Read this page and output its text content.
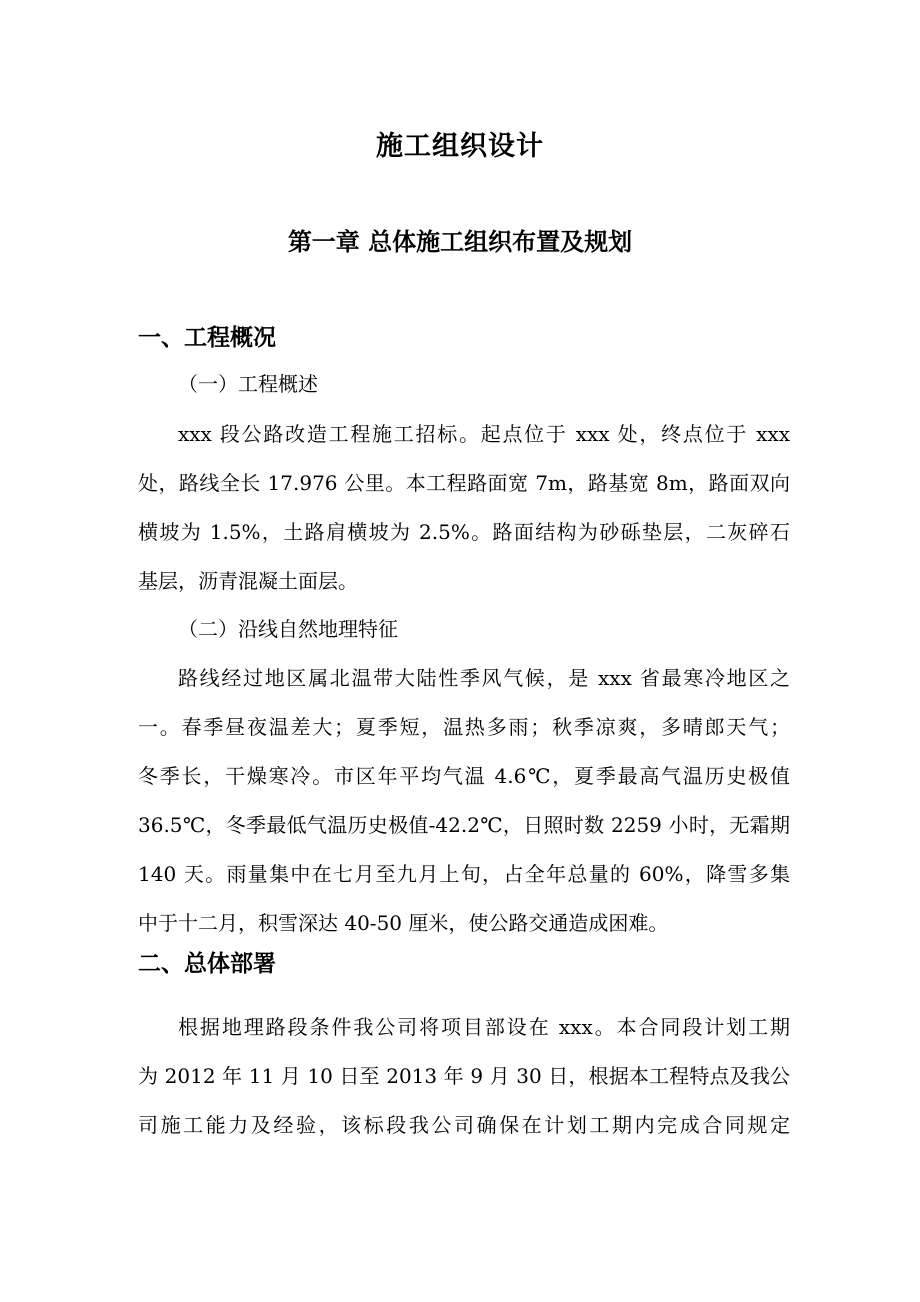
施工组织设计
第一章 总体施工组织布置及规划
一、工程概况
（一）工程概述
xxx 段公路改造工程施工招标。起点位于 xxx 处，终点位于 xxx
处，路线全长 17.976 公里。本工程路面宽 7m，路基宽 8m，路面双向
横坡为 1.5%，土路肩横坡为 2.5%。路面结构为砂砾垫层，二灰碎石
基层，沥青混凝土面层。
（二）沿线自然地理特征
路线经过地区属北温带大陆性季风气候，是 xxx 省最寒冷地区之
一。春季昼夜温差大；夏季短，温热多雨；秋季凉爽，多晴郎天气；
冬季长，干燥寒冷。市区年平均气温 4.6℃，夏季最高气温历史极值
36.5℃，冬季最低气温历史极值-42.2℃，日照时数 2259 小时，无霜期
140 天。雨量集中在七月至九月上旬，占全年总量的 60%，降雪多集
中于十二月，积雪深达 40-50 厘米，使公路交通造成困难。
二、总体部署
根据地理路段条件我公司将项目部设在 xxx。本合同段计划工期
为 2012 年 11 月 10 日至 2013 年 9 月 30 日，根据本工程特点及我公
司施工能力及经验，该标段我公司确保在计划工期内完成合同规定
